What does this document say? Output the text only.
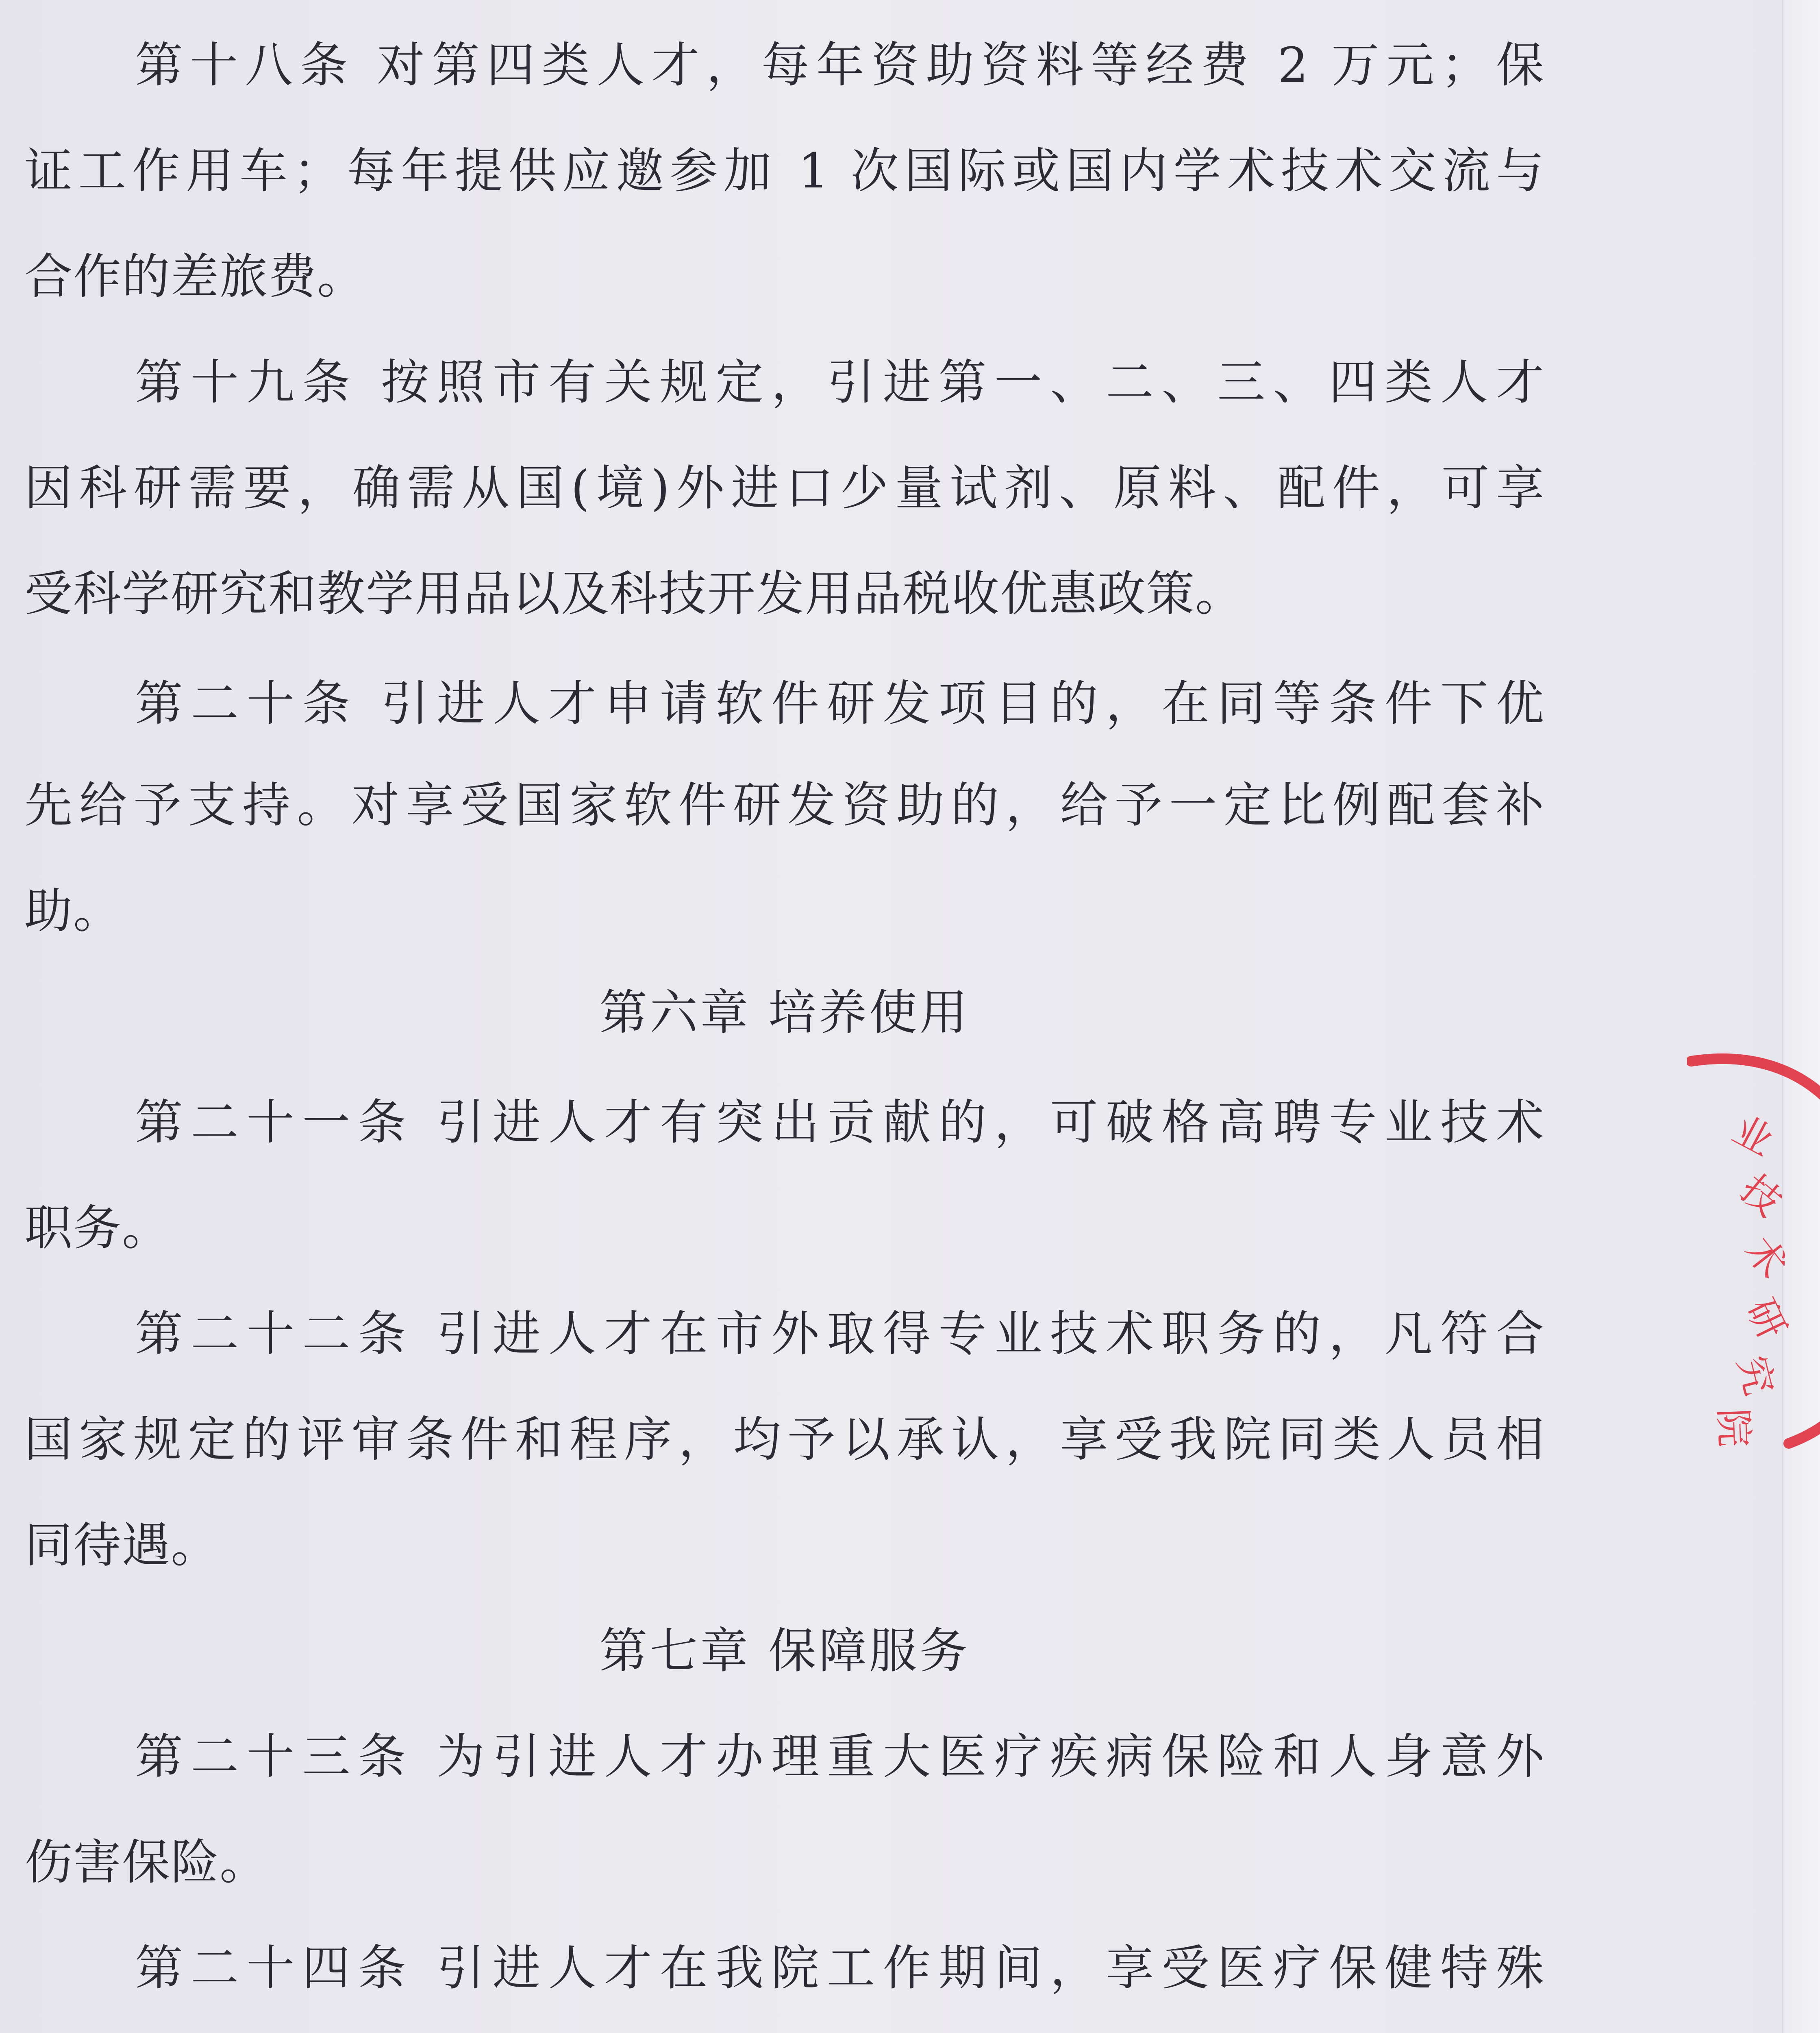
第十八条 对第四类人才，每年资助资料等经费 2 万元；保
证工作用车；每年提供应邀参加 1 次国际或国内学术技术交流与
合作的差旅费。
第十九条 按照市有关规定，引进第一、二、三、四类人才
因科研需要，确需从国(境)外进口少量试剂、原料、配件，可享
受科学研究和教学用品以及科技开发用品税收优惠政策。
第二十条 引进人才申请软件研发项目的，在同等条件下优
先给予支持。对享受国家软件研发资助的，给予一定比例配套补
助。
第六章 培养使用
第二十一条 引进人才有突出贡献的，可破格高聘专业技术
职务。
第二十二条 引进人才在市外取得专业技术职务的，凡符合
国家规定的评审条件和程序，均予以承认，享受我院同类人员相
同待遇。
第七章 保障服务
第二十三条 为引进人才办理重大医疗疾病保险和人身意外
伤害保险。
第二十四条 引进人才在我院工作期间，享受医疗保健特殊
业
技
术
研
究
院
